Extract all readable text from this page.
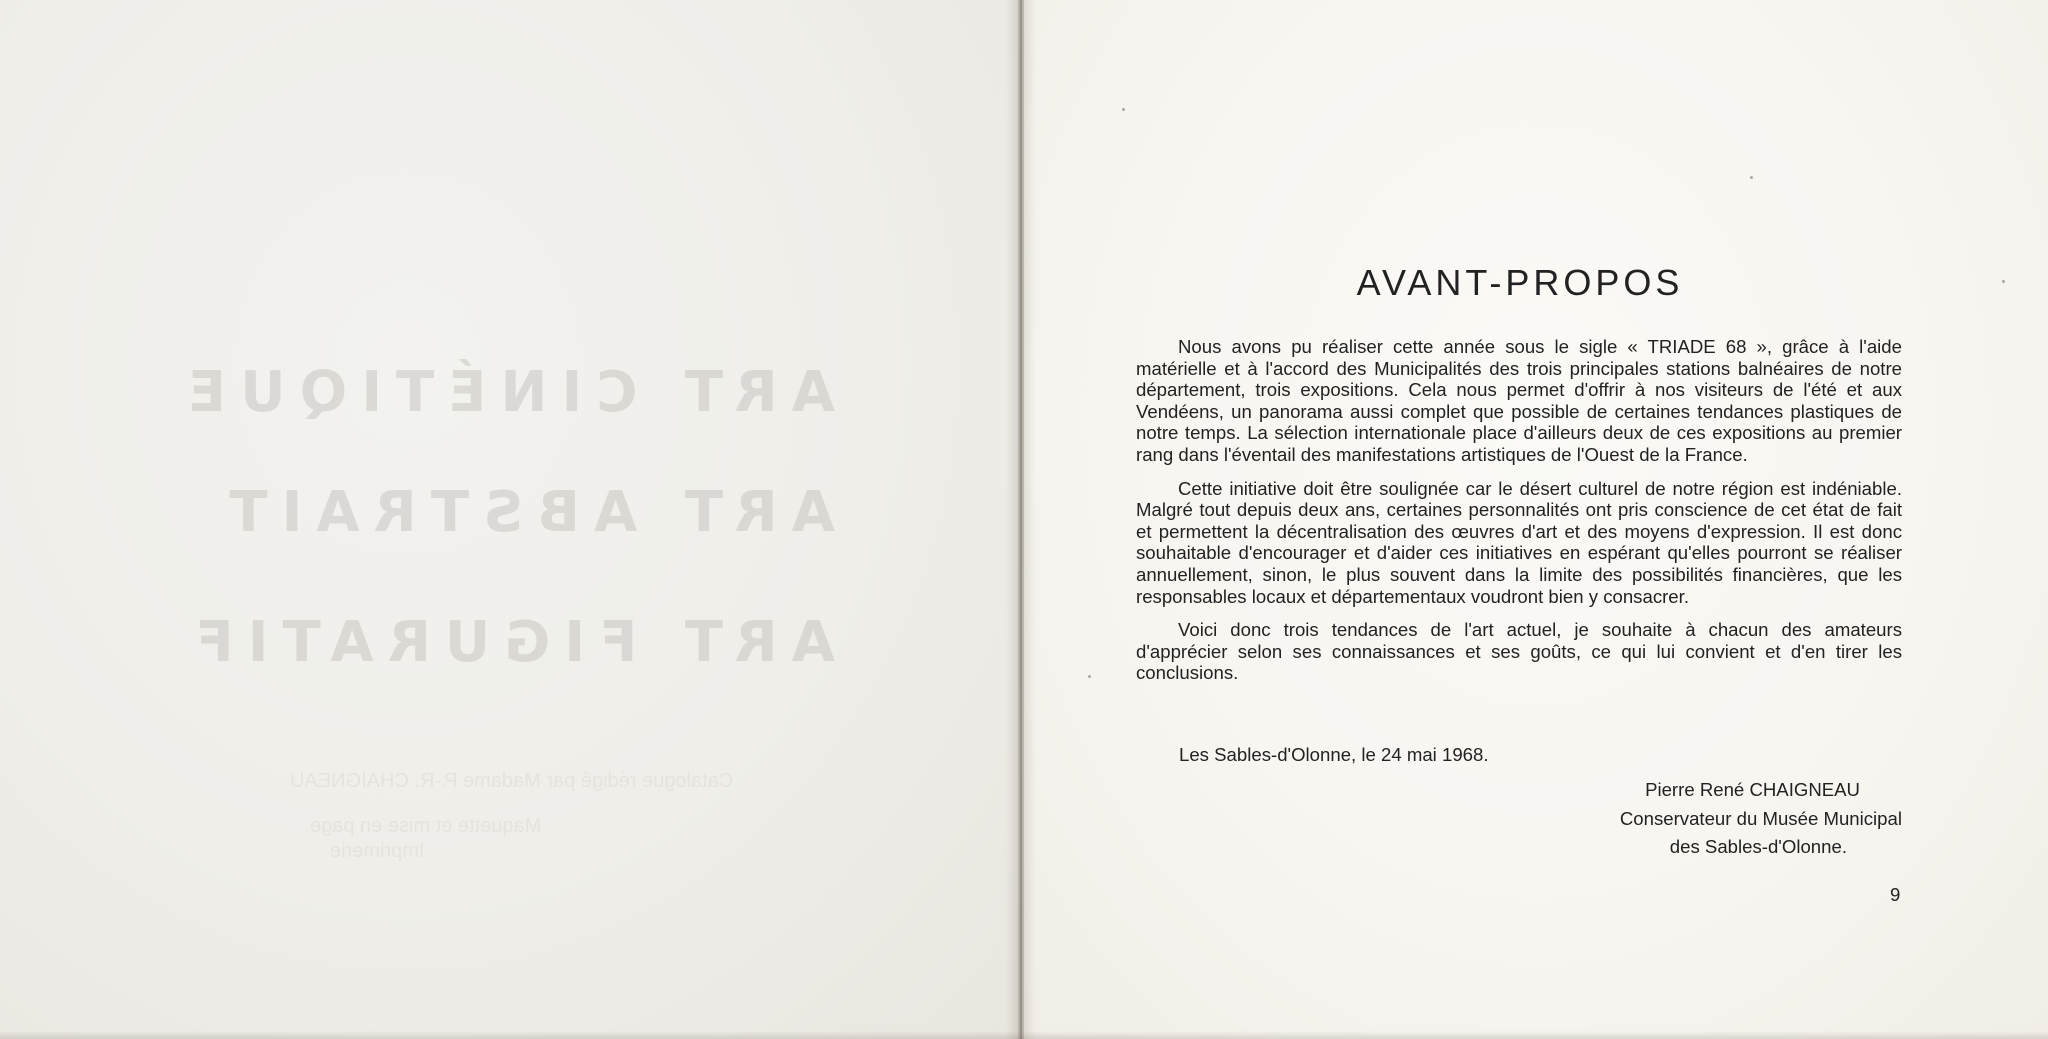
ART CINÉTIQUE
ART ABSTRAIT
ART FIGURATIF
Catalogue rédigé par Madame P.-R. CHAIGNEAU
Maquette et mise en page
Imprimerie
AVANT-PROPOS

Nous avons pu réaliser cette année sous le sigle « TRIADE 68 », grâce à l'aide matérielle et à l'accord des Municipalités des trois principales stations balnéaires de notre département, trois expositions. Cela nous permet d'offrir à nos visiteurs de l'été et aux Vendéens, un panorama aussi complet que possible de certaines tendances plastiques de notre temps. La sélection internationale place d'ailleurs deux de ces expositions au premier rang dans l'éventail des manifestations artistiques de l'Ouest de la France.

Cette initiative doit être soulignée car le désert culturel de notre région est indéniable. Malgré tout depuis deux ans, certaines personnalités ont pris conscience de cet état de fait et permettent la décentralisation des œuvres d'art et des moyens d'expression. Il est donc souhaitable d'encourager et d'aider ces initiatives en espérant qu'elles pourront se réaliser annuellement, sinon, le plus souvent dans la limite des possibilités financières, que les responsables locaux et départementaux voudront bien y consacrer.

Voici donc trois tendances de l'art actuel, je souhaite à chacun des amateurs d'apprécier selon ses connaissances et ses goûts, ce qui lui convient et d'en tirer les conclusions.

Les Sables-d'Olonne, le 24 mai 1968.
Pierre René CHAIGNEAU
Conservateur du Musée Municipal
des Sables-d'Olonne.
9
